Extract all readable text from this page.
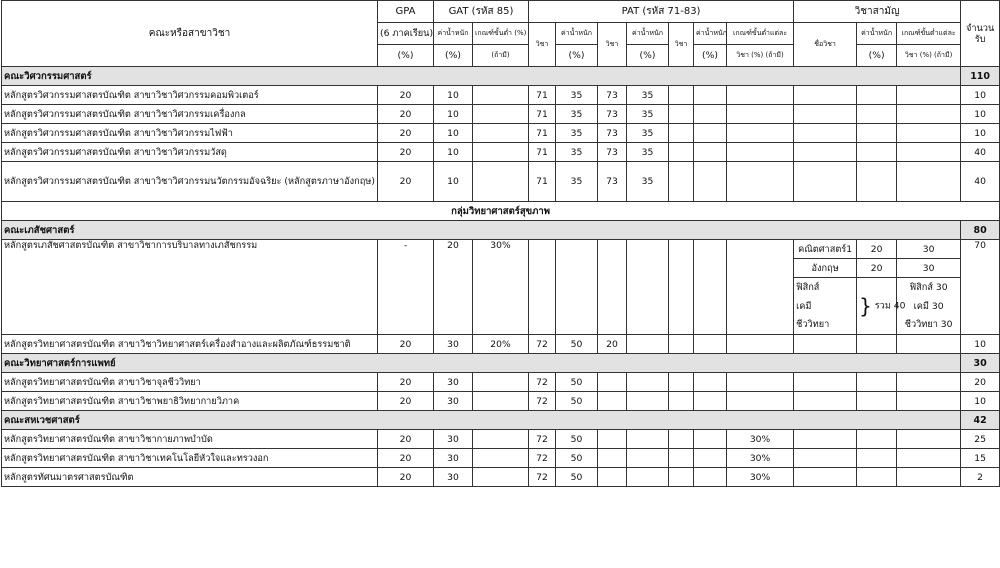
คณะหรือสาขาวิชา	GPA	GAT (รหัส 85)		PAT (รหัส 71-83)							วิชาสามัญ			จำนวน
รับ
	(6 ภาคเรียน)	ค่าน้ำหนัก	เกณฑ์ขั้นต่ำ (%)	วิชา	ค่าน้ำหนัก	วิชา	ค่าน้ำหนัก	วิชา	ค่าน้ำหนัก	เกณฑ์ขั้นต่ำแต่ละ	ชื่อวิชา	ค่าน้ำหนัก	เกณฑ์ขั้นต่ำแต่ละ	
	(%)	(%)	(ถ้ามี)		(%)		(%)		(%)	วิชา (%) (ถ้ามี)		(%)	วิชา (%) (ถ้ามี)	
คณะวิศวกรรมศาสตร์														110
หลักสูตรวิศวกรรมศาสตรบัณฑิต สาขาวิชาวิศวกรรมคอมพิวเตอร์	20	10		71	35	73	35							10
หลักสูตรวิศวกรรมศาสตรบัณฑิต สาขาวิชาวิศวกรรมเครื่องกล	20	10		71	35	73	35							10
หลักสูตรวิศวกรรมศาสตรบัณฑิต สาขาวิชาวิศวกรรมไฟฟ้า	20	10		71	35	73	35							10
หลักสูตรวิศวกรรมศาสตรบัณฑิต สาขาวิชาวิศวกรรมวัสดุ	20	10		71	35	73	35							40
หลักสูตรวิศวกรรมศาสตรบัณฑิต สาขาวิชาวิศวกรรมนวัตกรรมอัจฉริยะ (หลักสูตรภาษาอังกฤษ)	20	10		71	35	73	35							40
กลุ่มวิทยาศาสตร์สุขภาพ														
คณะเภสัชศาสตร์														80
หลักสูตรเภสัชศาสตรบัณฑิต สาขาวิชาการบริบาลทางเภสัชกรรม	-	20	30%								คณิตศาสตร์1	20	30	70
											อังกฤษ	20	30	
											ฟิสิกส์	} รวม 40	ฟิสิกส์ 30	
											เคมี		เคมี 30	
											ชีววิทยา		ชีววิทยา 30	
หลักสูตรวิทยาศาสตรบัณฑิต สาขาวิชาวิทยาศาสตร์เครื่องสำอางและผลิตภัณฑ์ธรรมชาติ	20	30	20%	72	50	20								10
คณะวิทยาศาสตร์การแพทย์														30
หลักสูตรวิทยาศาสตรบัณฑิต สาขาวิชาจุลชีววิทยา	20	30		72	50									20
หลักสูตรวิทยาศาสตรบัณฑิต สาขาวิชาพยาธิวิทยากายวิภาค	20	30		72	50									10
คณะสหเวชศาสตร์														42
หลักสูตรวิทยาศาสตรบัณฑิต สาขาวิชากายภาพบำบัด	20	30		72	50					30%				25
หลักสูตรวิทยาศาสตรบัณฑิต สาขาวิชาเทคโนโลยีหัวใจและทรวงอก	20	30		72	50					30%				15
หลักสูตรทัศนมาตรศาสตรบัณฑิต	20	30		72	50					30%				2
